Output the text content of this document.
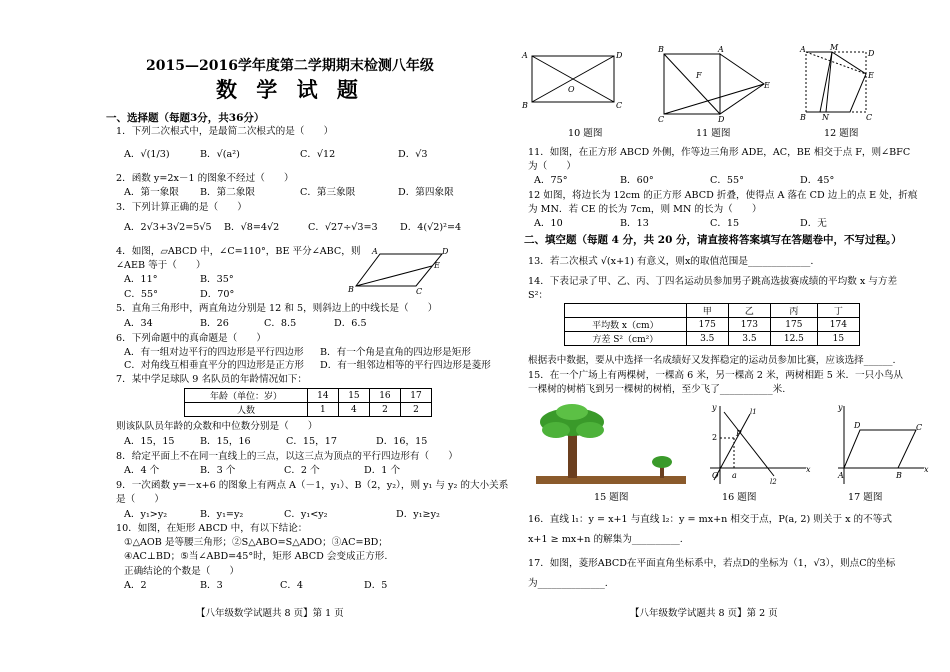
2015—2016学年度第二学期期末检测八年级
数 学 试 题
一、选择题（每题3分，共36分）
1．下列二次根式中，是最简二次根式的是（　　）
A．√(1/3)	B．√(a²)	C．√12	D．√3
2．函数 y=2x－1 的图象不经过（　　）
A．第一象限 B．第二象限	C．第三象限	D．第四象限
3．下列计算正确的是（　　）
A．2√3+3√2=5√5 B．√8=4√2	C．√27÷√3=3 D．4(√2)²=4
4．如图，▱ABCD 中，∠C=110°，BE 平分∠ABC，则
∠AEB 等于（　　）
A．11°	B．35°
C．55°	D．70°
A	D
E
B	C
5．直角三角形中，两直角边分别是 12 和 5，则斜边上的中线长是（　　）
A．34	B．26	C．8.5	D．6.5
6．下列命题中的真命题是（　　）
A．有一组对边平行的四边形是平行四边形 B．有一个角是直角的四边形是矩形
C．对角线互相垂直平分的四边形是正方形 D．有一组邻边相等的平行四边形是菱形
7．某中学足球队 9 名队员的年龄情况如下：
年龄（单位：岁）	14	15	16	17
人数	1	4	2	2
则该队队员年龄的众数和中位数分别是（　　）
A．15，15	B．15，16	C．15，17	D．16，15
8．给定平面上不在同一直线上的三点，以这三点为顶点的平行四边形有（　　）
A．4 个	B．3 个	C．2 个	D．1 个
9．一次函数 y=－x+6 的图象上有两点 A（－1，y₁）、B（2，y₂），则 y₁ 与 y₂ 的大小关系
是（　　）
A．y₁>y₂	B．y₁=y₂	C．y₁<y₂	D．y₁≥y₂
10．如图，在矩形 ABCD 中，有以下结论：
①△AOB 是等腰三角形；②S△ABO=S△ADO；③AC=BD；
④AC⊥BD；⑤当∠ABD=45°时，矩形 ABCD 会变成正方形.
正确结论的个数是（　　）
A．2	B．3	C．4	D．5
【八年级数学试题共 8 页】第 1 页
A	D
B	C
O
B	A
E
C	D
F
A	M
D
E
B N	C
10 题图	11 题图	12 题图
11．如图，在正方形 ABCD 外侧，作等边三角形 ADE，AC，BE 相交于点 F，则∠BFC
为（　　）
A．75°	B．60°	C．55°	D．45°
12 如图，将边长为 12cm 的正方形 ABCD 折叠，使得点 A 落在 CD 边上的点 E 处，折痕
为 MN．若 CE 的长为 7cm，则 MN 的长为（　　）
A．10	B．13	C．15	D．无
二、填空题（每题 4 分，共 20 分，请直接将答案填写在答题卷中，不写过程。）
13．若二次根式 √(x+1) 有意义，则x的取值范围是_____________.
14．下表记录了甲、乙、丙、丁四名运动员参加男子跳高选拔赛成绩的平均数 x 与方差
S²：
	甲	乙	丙	丁
平均数 x（cm）	175	173	175	174
方差 S²（cm²）	3.5	3.5	12.5	15
根据表中数据，要从中选择一名成绩好又发挥稳定的运动员参加比赛，应该选择______.
15．在一个广场上有两棵树，一棵高 6 米，另一棵高 2 米，两树相距 5 米．一只小鸟从
一棵树的树梢飞到另一棵树的树梢，至少飞了___________米.
y
x
2 P
O a
l1
l2
y
x
D	C
A	B
15 题图	16 题图	17 题图
16．直线 l₁：y = x+1 与直线 l₂：y = mx+n 相交于点，P(a, 2) 则关于 x 的不等式
x+1 ≥ mx+n 的解集为__________.
17．如图，菱形ABCD在平面直角坐标系中，若点D的坐标为（1，√3），则点C的坐标
为______________.
【八年级数学试题共 8 页】第 2 页
